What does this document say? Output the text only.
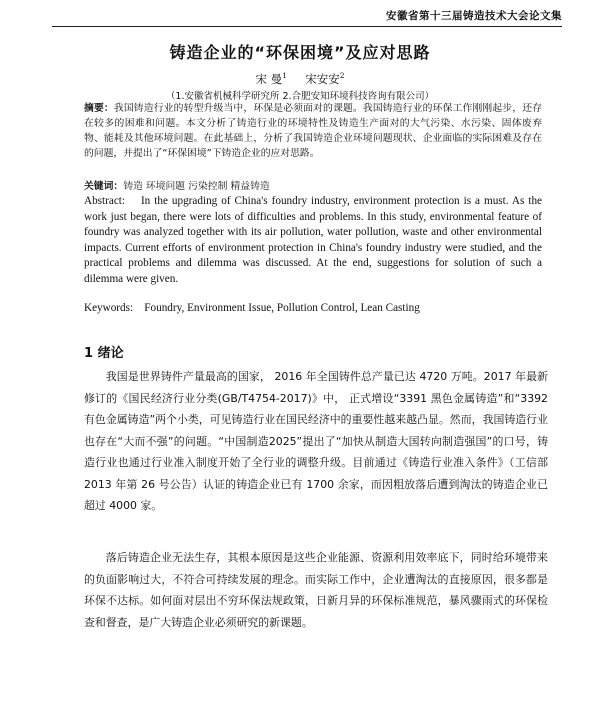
安徽省第十三届铸造技术大会论文集
铸造企业的“环保困境”及应对思路
宋 曼$^1$ 宋安安$^2$
（1.安徽省机械科学研究所 2.合肥安知环境科技咨询有限公司）
摘要：我国铸造行业的转型升级当中，环保是必须面对的课题。我国铸造行业的环保工作刚刚起步，还存在较多的困难和问题。本文分析了铸造行业的环境特性及铸造生产面对的大气污染、水污染、固体废弃物、能耗及其他环境问题。在此基础上，分析了我国铸造企业环境问题现状、企业面临的实际困难及存在的问题，并提出了“环保困境”下铸造企业的应对思路。
关键词：铸造 环境问题 污染控制 精益铸造
Abstract: In the upgrading of China's foundry industry, environment protection is a must. As the work just began, there were lots of difficulties and problems. In this study, environmental feature of foundry was analyzed together with its air pollution, water pollution, waste and other environmental impacts. Current efforts of environment protection in China's foundry industry were studied, and the practical problems and dilemma was discussed. At the end, suggestions for solution of such a dilemma were given.
Keywords: Foundry, Environment Issue, Pollution Control, Lean Casting
1 绪论
我国是世界铸件产量最高的国家， 2016 年全国铸件总产量已达 4720 万吨。2017 年最新修订的《国民经济行业分类(GB/T4754-2017)》中， 正式增设“3391 黑色金属铸造”和“3392 有色金属铸造”两个小类，可见铸造行业在国民经济中的重要性越来越凸显。然而，我国铸造行业也存在“大而不强”的问题。“中国制造2025”提出了“加快从制造大国转向制造强国”的口号，铸造行业也通过行业准入制度开始了全行业的调整升级。目前通过《铸造行业准入条件》（工信部 2013 年第 26 号公告）认证的铸造企业已有 1700 余家，而因粗放落后遭到淘汰的铸造企业已超过 4000 家。
落后铸造企业无法生存，其根本原因是这些企业能源、资源利用效率底下，同时给环境带来的负面影响过大，不符合可持续发展的理念。而实际工作中，企业遭淘汰的直接原因，很多都是环保不达标。如何面对层出不穷环保法规政策，日新月异的环保标准规范，暴风骤雨式的环保检查和督查，是广大铸造企业必须研究的新课题。
